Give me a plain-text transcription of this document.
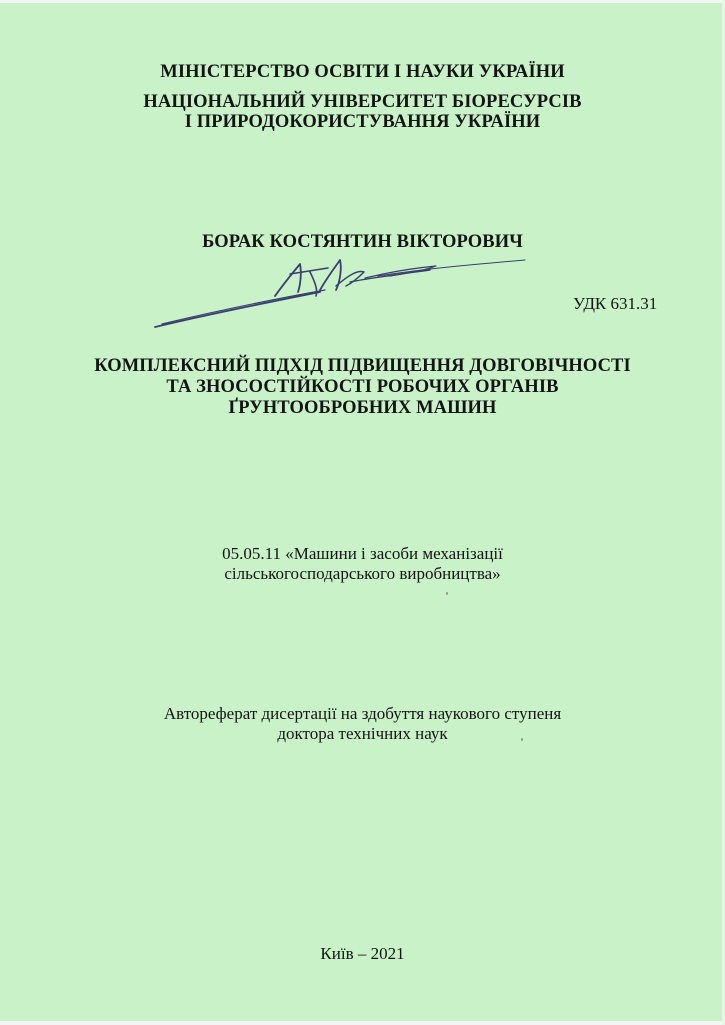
МІНІСТЕРСТВО ОСВІТИ І НАУКИ УКРАЇНИ
НАЦІОНАЛЬНИЙ УНІВЕРСИТЕТ БІОРЕСУРСІВ
І ПРИРОДОКОРИСТУВАННЯ УКРАЇНИ
БОРАК КОСТЯНТИН ВІКТОРОВИЧ
УДК 631.31
КОМПЛЕКСНИЙ ПІДХІД ПІДВИЩЕННЯ ДОВГОВІЧНОСТІ
ТА ЗНОСОСТІЙКОСТІ РОБОЧИХ ОРГАНІВ
ҐРУНТООБРОБНИХ МАШИН
05.05.11 «Машини і засоби механізації
сільськогосподарського виробництва»
Автореферат дисертації на здобуття наукового ступеня
доктора технічних наук
Київ – 2021
